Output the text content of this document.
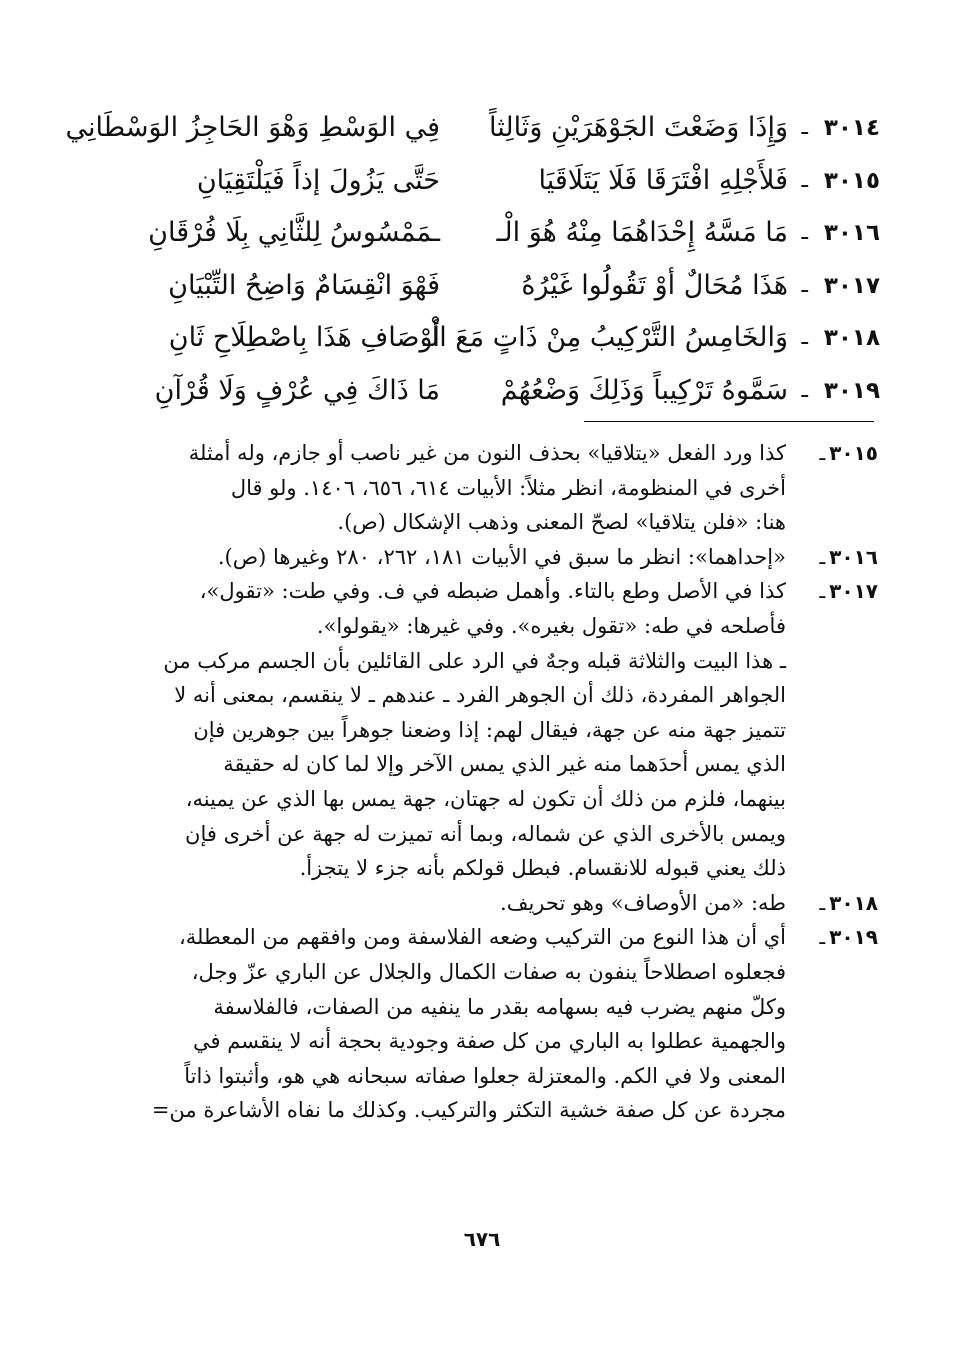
٣٠١٤
ـ
وَإِذَا وَضَعْتَ الجَوْهَرَيْنِ وَثَالِثاً
فِي الوَسْطِ وَهْوَ الحَاجِزُ الوَسْطَانِي
٣٠١٥
ـ
فَلأَجْلِهِ افْتَرَقَا فَلَا يَتَلَاقَيَا
حَتَّى يَزُولَ إذاً فَيَلْتَقِيَانِ
٣٠١٦
ـ
مَا مَسَّهُ إِحْدَاهُمَا مِنْهُ هُوَ الْـ
ـمَمْسُوسُ لِلثَّانِي بِلَا فُرْقَانِ
٣٠١٧
ـ
هَذَا مُحَالٌ أوْ تَقُولُوا غَيْرُهُ
فَهْوَ انْقِسَامٌ وَاضِحُ التِّبْيَانِ
٣٠١٨
ـ
وَالخَامِسُ التَّرْكِيبُ مِنْ ذَاتٍ مَعَ الْـ
أوْصَافِ هَذَا بِاصْطِلَاحِ ثَانِ
٣٠١٩
ـ
سَمَّوهُ تَرْكِيباً وَذَلِكَ وَضْعُهُمْ
مَا ذَاكَ فِي عُرْفٍ وَلَا قُرْآنِ
٣٠١٥ـ
كذا ورد الفعل «يتلاقيا» بحذف النون من غير ناصب أو جازم، وله أمثلة
أخرى في المنظومة، انظر مثلاً: الأبيات ٦١٤، ٦٥٦، ١٤٠٦. ولو قال
هنا: «فلن يتلاقيا» لصحّ المعنى وذهب الإشكال (ص).
٣٠١٦ـ
«إحداهما»: انظر ما سبق في الأبيات ١٨١، ٢٦٢، ٢٨٠ وغيرها (ص).
٣٠١٧ـ
كذا في الأصل وطع بالتاء. وأهمل ضبطه في ف. وفي طت: «تقول»،
فأصلحه في طه: «تقول بغيره». وفي غيرها: «يقولوا».
ـ هذا البيت والثلاثة قبله وجهٌ في الرد على القائلين بأن الجسم مركب من
الجواهر المفردة، ذلك أن الجوهر الفرد ـ عندهم ـ لا ينقسم، بمعنى أنه لا
تتميز جهة منه عن جهة، فيقال لهم: إذا وضعنا جوهراً بين جوهرين فإن
الذي يمس أحدَهما منه غير الذي يمس الآخر وإلا لما كان له حقيقة
بينهما، فلزم من ذلك أن تكون له جهتان، جهة يمس بها الذي عن يمينه،
ويمس بالأخرى الذي عن شماله، وبما أنه تميزت له جهة عن أخرى فإن
ذلك يعني قبوله للانقسام. فبطل قولكم بأنه جزء لا يتجزأ.
٣٠١٨ـ
طه: «من الأوصاف» وهو تحريف.
٣٠١٩ـ
أي أن هذا النوع من التركيب وضعه الفلاسفة ومن وافقهم من المعطلة،
فجعلوه اصطلاحاً ينفون به صفات الكمال والجلال عن الباري عزّ وجل،
وكلّ منهم يضرب فيه بسهامه بقدر ما ينفيه من الصفات، فالفلاسفة
والجهمية عطلوا به الباري من كل صفة وجودية بحجة أنه لا ينقسم في
المعنى ولا في الكم. والمعتزلة جعلوا صفاته سبحانه هي هو، وأثبتوا ذاتاً
مجردة عن كل صفة خشية التكثر والتركيب. وكذلك ما نفاه الأشاعرة من=
٦٧٦
